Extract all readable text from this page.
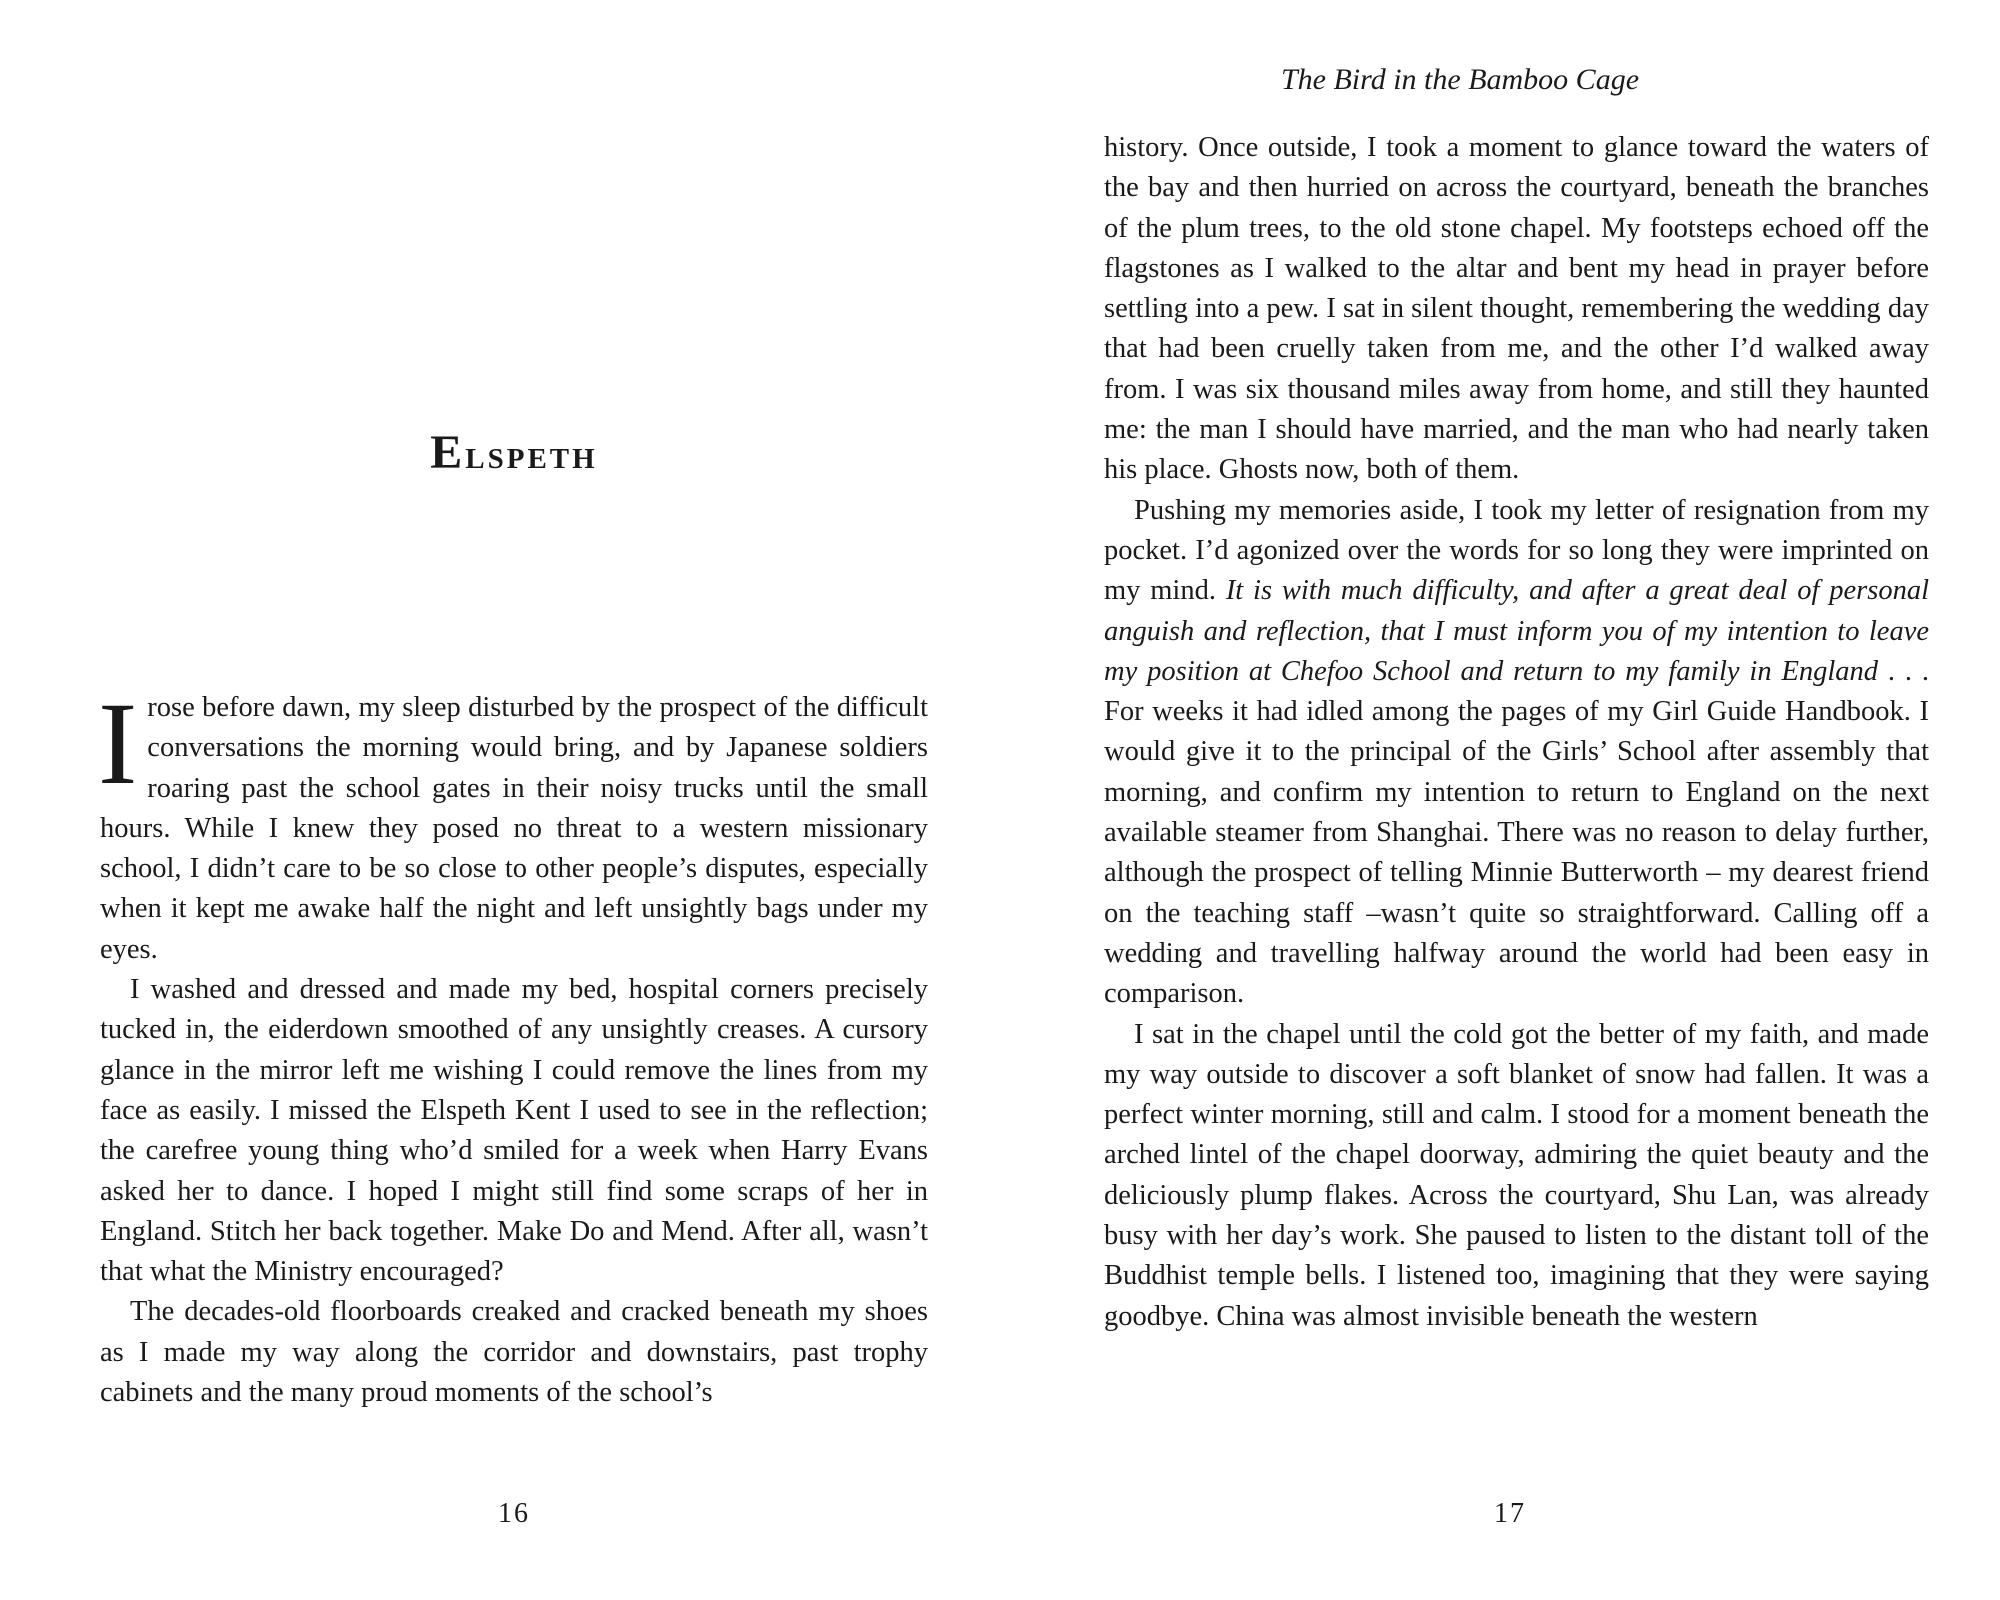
Elspeth

Irose before dawn, my sleep disturbed by the prospect of the difficult conversations the morning would bring, and by Japanese soldiers roaring past the school gates in their noisy trucks until the small hours. While I knew they posed no threat to a western missionary school, I didn’t care to be so close to other people’s disputes, especially when it kept me awake half the night and left unsightly bags under my eyes.

I washed and dressed and made my bed, hospital corners precisely tucked in, the eiderdown smoothed of any unsightly creases. A cursory glance in the mirror left me wishing I could remove the lines from my face as easily. I missed the Elspeth Kent I used to see in the reflection; the carefree young thing who’d smiled for a week when Harry Evans asked her to dance. I hoped I might still find some scraps of her in England. Stitch her back together. Make Do and Mend. After all, wasn’t that what the Ministry encouraged?

The decades-old floorboards creaked and cracked beneath my shoes as I made my way along the corridor and downstairs, past trophy cabinets and the many proud moments of the school’s

16
The Bird in the Bamboo Cage

history. Once outside, I took a moment to glance toward the waters of the bay and then hurried on across the courtyard, beneath the branches of the plum trees, to the old stone chapel. My footsteps echoed off the flagstones as I walked to the altar and bent my head in prayer before settling into a pew. I sat in silent thought, remembering the wedding day that had been cruelly taken from me, and the other I’d walked away from. I was six thousand miles away from home, and still they haunted me: the man I should have married, and the man who had nearly taken his place. Ghosts now, both of them.

Pushing my memories aside, I took my letter of resignation from my pocket. I’d agonized over the words for so long they were imprinted on my mind. It is with much difficulty, and after a great deal of personal anguish and reflection, that I must inform you of my intention to leave my position at Chefoo School and return to my family in England . . . For weeks it had idled among the pages of my Girl Guide Handbook. I would give it to the principal of the Girls’ School after assembly that morning, and confirm my intention to return to England on the next available steamer from Shanghai. There was no reason to delay further, although the prospect of telling Minnie Butterworth – my dearest friend on the teaching staff –wasn’t quite so straightforward. Calling off a wedding and travelling halfway around the world had been easy in comparison.

I sat in the chapel until the cold got the better of my faith, and made my way outside to discover a soft blanket of snow had fallen. It was a perfect winter morning, still and calm. I stood for a moment beneath the arched lintel of the chapel doorway, admiring the quiet beauty and the deliciously plump flakes. Across the courtyard, Shu Lan, was already busy with her day’s work. She paused to listen to the distant toll of the Buddhist temple bells. I listened too, imagining that they were saying goodbye. China was almost invisible beneath the western

17
